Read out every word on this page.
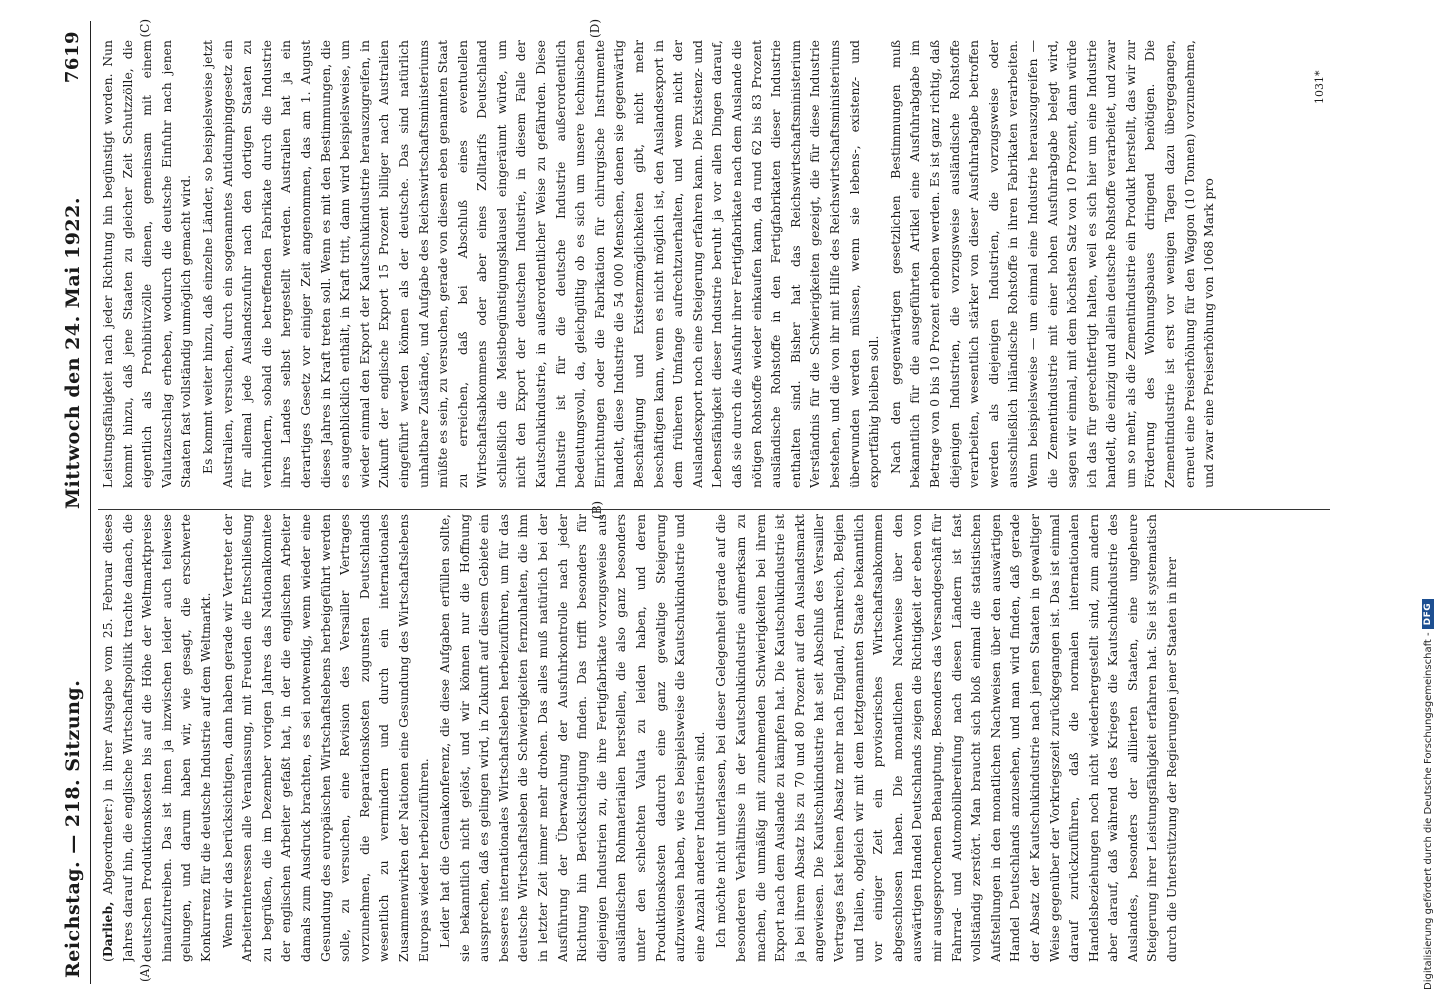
Reichstag. — 218. Sitzung.
Mittwoch den 24. Mai 1922.
7619
(A)
(B)
(C)	(D)

(Darlieb, Abgeordneter:) in ihrer Ausgabe vom 25. Februar dieses Jahres darauf hin, die englische Wirtschaftspolitik trachte danach, die deutschen Produktionskosten bis auf die Höhe der Weltmarktpreise hinaufzutreiben. Das ist ihnen ja inzwischen leider auch teilweise gelungen, und darum haben wir, wie gesagt, die erschwerte Konkurrenz für die deutsche Industrie auf dem Weltmarkt. Wenn wir das berücksichtigen, dann haben gerade wir Vertreter der Arbeiterinteressen alle Veranlassung, mit Freuden die Entschließung zu begrüßen, die im Dezember vorigen Jahres das Nationalkomitee der englischen Arbeiter gefaßt hat, in der die englischen Arbeiter damals zum Ausdruck brachten, es sei notwendig, wenn wieder eine Gesundung des europäischen Wirtschaftslebens herbeigeführt werden solle, zu versuchen, eine Revision des Versailler Vertrages vorzunehmen, die Reparationskosten zugunsten Deutschlands wesentlich zu vermindern und durch ein internationales Zusammenwirken der Nationen eine Gesundung des Wirtschaftslebens Europas wieder herbeizuführen. Leider hat die Genuakonferenz, die diese Aufgaben erfüllen sollte, sie bekanntlich nicht gelöst, und wir können nur die Hoffnung aussprechen, daß es gelingen wird, in Zukunft auf diesem Gebiete ein besseres internationales Wirtschaftsleben herbeizuführen, um für das deutsche Wirtschaftsleben die Schwierigkeiten fernzuhalten, die ihm in letzter Zeit immer mehr drohen. Das alles muß natürlich bei der Ausführung der Überwachung der Ausfuhrkontrolle nach jeder Richtung hin Berücksichtigung finden. Das trifft besonders für diejenigen Industrien zu, die ihre Fertigfabrikate vorzugsweise aus ausländischen Rohmaterialien herstellen, die also ganz besonders unter den schlechten Valuta zu leiden haben, und deren Produktionskosten dadurch eine ganz gewaltige Steigerung aufzuweisen haben, wie es beispielsweise die Kautschukindustrie und eine Anzahl anderer Industrien sind. Ich möchte nicht unterlassen, bei dieser Gelegenheit gerade auf die besonderen Verhältnisse in der Kautschukindustrie aufmerksam zu machen, die unmäßig mit zunehmenden Schwierigkeiten bei ihrem Export nach dem Auslande zu kämpfen hat. Die Kautschukindustrie ist ja bei ihrem Absatz bis zu 70 und 80 Prozent auf den Auslandsmarkt angewiesen. Die Kautschukindustrie hat seit Abschluß des Versailler Vertrages fast keinen Absatz mehr nach England, Frankreich, Belgien und Italien, obgleich wir mit dem letztgenannten Staate bekanntlich vor einiger Zeit ein provisorisches Wirtschaftsabkommen abgeschlossen haben. Die monatlichen Nachweise über den auswärtigen Handel Deutschlands zeigen die Richtigkeit der eben von mir ausgesprochenen Behauptung. Besonders das Versandgeschäft für Fahrrad- und Automobilbereifung nach diesen Ländern ist fast vollständig zerstört. Man braucht sich bloß einmal die statistischen Aufstellungen in den monatlichen Nachweisen über den auswärtigen Handel Deutschlands anzusehen, und man wird finden, daß gerade der Absatz der Kautschukindustrie nach jenen Staaten in gewaltiger Weise gegenüber der Vorkriegszeit zurückgegangen ist. Das ist einmal darauf zurückzuführen, daß die normalen internationalen Handelsbeziehungen noch nicht wiederhergestellt sind, zum andern aber darauf, daß während des Krieges die Kautschukindustrie des Auslandes, besonders der alliierten Staaten, eine ungeheure Steigerung ihrer Leistungsfähigkeit erfahren hat. Sie ist systematisch durch die Unterstützung der Regierungen jener Staaten in ihrer

Leistungsfähigkeit nach jeder Richtung hin begünstigt worden. Nun kommt hinzu, daß jene Staaten zu gleicher Zeit Schutzzölle, die eigentlich als Prohibitivzölle dienen, gemeinsam mit einem Valutazuschlag erheben, wodurch die deutsche Einfuhr nach jenen Staaten fast vollständig unmöglich gemacht wird. Es kommt weiter hinzu, daß einzelne Länder, so beispielsweise jetzt Australien, versuchen, durch ein sogenanntes Antidumpinggesetz ein für allemal jede Auslandszufuhr nach den dortigen Staaten zu verhindern, sobald die betreffenden Fabrikate durch die Industrie ihres Landes selbst hergestellt werden. Australien hat ja ein derartiges Gesetz vor einiger Zeit angenommen, das am 1. August dieses Jahres in Kraft treten soll. Wenn es mit den Bestimmungen, die es augenblicklich enthält, in Kraft tritt, dann wird beispielsweise, um wieder einmal den Export der Kautschukindustrie herauszugreifen, in Zukunft der englische Export 15 Prozent billiger nach Australien eingeführt werden können als der deutsche. Das sind natürlich unhaltbare Zustände, und Aufgabe des Reichswirtschaftsministeriums müßte es sein, zu versuchen, gerade von diesem eben genannten Staat zu erreichen, daß bei Abschluß eines eventuellen Wirtschaftsabkommens oder aber eines Zolltarifs Deutschland schließlich die Meistbegünstigungsklausel eingeräumt würde, um nicht den Export der deutschen Industrie, in diesem Falle der Kautschukindustrie, in außerordentlicher Weise zu gefährden. Diese Industrie ist für die deutsche Industrie außerordentlich bedeutungsvoll, da, gleichgültig ob es sich um unsere technischen Einrichtungen oder die Fabrikation für chirurgische Instrumente handelt, diese Industrie die 54 000 Menschen, denen sie gegenwärtig Beschäftigung und Existenzmöglichkeiten gibt, nicht mehr beschäftigen kann, wenn es nicht möglich ist, den Auslandsexport in dem früheren Umfange aufrechtzuerhalten, und wenn nicht der Auslandsexport noch eine Steigerung erfahren kann. Die Existenz- und Lebensfähigkeit dieser Industrie beruht ja vor allen Dingen darauf, daß sie durch die Ausfuhr ihrer Fertigfabrikate nach dem Auslande die nötigen Rohstoffe wieder einkaufen kann, da rund 62 bis 83 Prozent ausländische Rohstoffe in den Fertigfabrikaten dieser Industrie enthalten sind. Bisher hat das Reichswirtschaftsministerium Verständnis für die Schwierigkeiten gezeigt, die für diese Industrie bestehen, und die von ihr mit Hilfe des Reichswirtschaftsministeriums überwunden werden müssen, wenn sie lebens-, existenz- und exportfähig bleiben soll. Nach den gegenwärtigen gesetzlichen Bestimmungen muß bekanntlich für die ausgeführten Artikel eine Ausfuhrabgabe im Betrage von 0 bis 10 Prozent erhoben werden. Es ist ganz richtig, daß diejenigen Industrien, die vorzugsweise ausländische Rohstoffe verarbeiten, wesentlich stärker von dieser Ausfuhrabgabe betroffen werden als diejenigen Industrien, die vorzugsweise oder ausschließlich inländische Rohstoffe in ihren Fabrikaten verarbeiten. Wenn beispielsweise — um einmal eine Industrie herauszugreifen — die Zementindustrie mit einer hohen Ausfuhrabgabe belegt wird, sagen wir einmal, mit dem höchsten Satz von 10 Prozent, dann würde ich das für gerechtfertigt halten, weil es sich hier um eine Industrie handelt, die einzig und allein deutsche Rohstoffe verarbeitet, und zwar um so mehr, als die Zementindustrie ein Produkt herstellt, das wir zur Förderung des Wohnungsbaues dringend benötigen. Die Zementindustrie ist erst vor wenigen Tagen dazu übergegangen, erneut eine Preiserhöhung für den Waggon (10 Tonnen) vorzunehmen, und zwar eine Preiserhöhung von 1068 Mark pro

1031*
Digitalisierung gefördert durch die Deutsche Forschungsgemeinschaft -
DFG
